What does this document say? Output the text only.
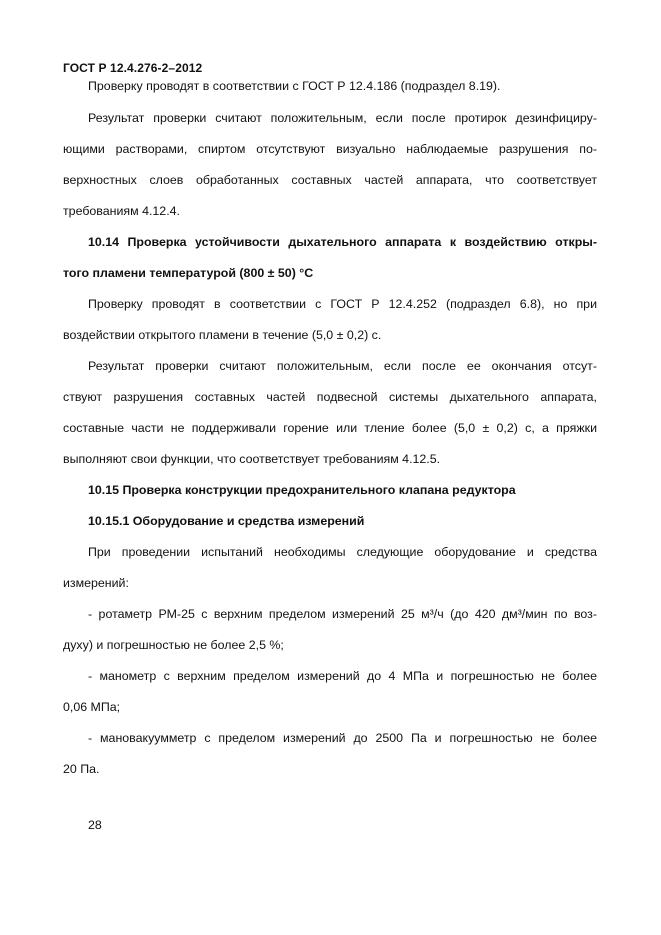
ГОСТ Р 12.4.276-2–2012
Проверку проводят в соответствии с ГОСТ Р 12.4.186 (подраздел 8.19).
Результат проверки считают положительным, если после протирок дезинфициру-
ющими растворами, спиртом отсутствуют визуально наблюдаемые разрушения по-
верхностных слоев обработанных составных частей аппарата, что соответствует
требованиям 4.12.4.
10.14 Проверка устойчивости дыхательного аппарата к воздействию откры-
того пламени температурой (800 ± 50) °C
Проверку проводят в соответствии с ГОСТ Р 12.4.252 (подраздел 6.8), но при
воздействии открытого пламени в течение (5,0 ± 0,2) с.
Результат проверки считают положительным, если после ее окончания отсут-
ствуют разрушения составных частей подвесной системы дыхательного аппарата,
составные части не поддерживали горение или тление более (5,0 ± 0,2) с, а пряжки
выполняют свои функции, что соответствует требованиям 4.12.5.
10.15 Проверка конструкции предохранительного клапана редуктора
10.15.1 Оборудование и средства измерений
При проведении испытаний необходимы следующие оборудование и средства
измерений:
- ротаметр РМ-25 с верхним пределом измерений 25 м³/ч (до 420 дм³/мин по воз-
духу) и погрешностью не более 2,5 %;
- манометр с верхним пределом измерений до 4 МПа и погрешностью не более
0,06 МПа;
- мановакуумметр с пределом измерений до 2500 Па и погрешностью не более
20 Па.
28
